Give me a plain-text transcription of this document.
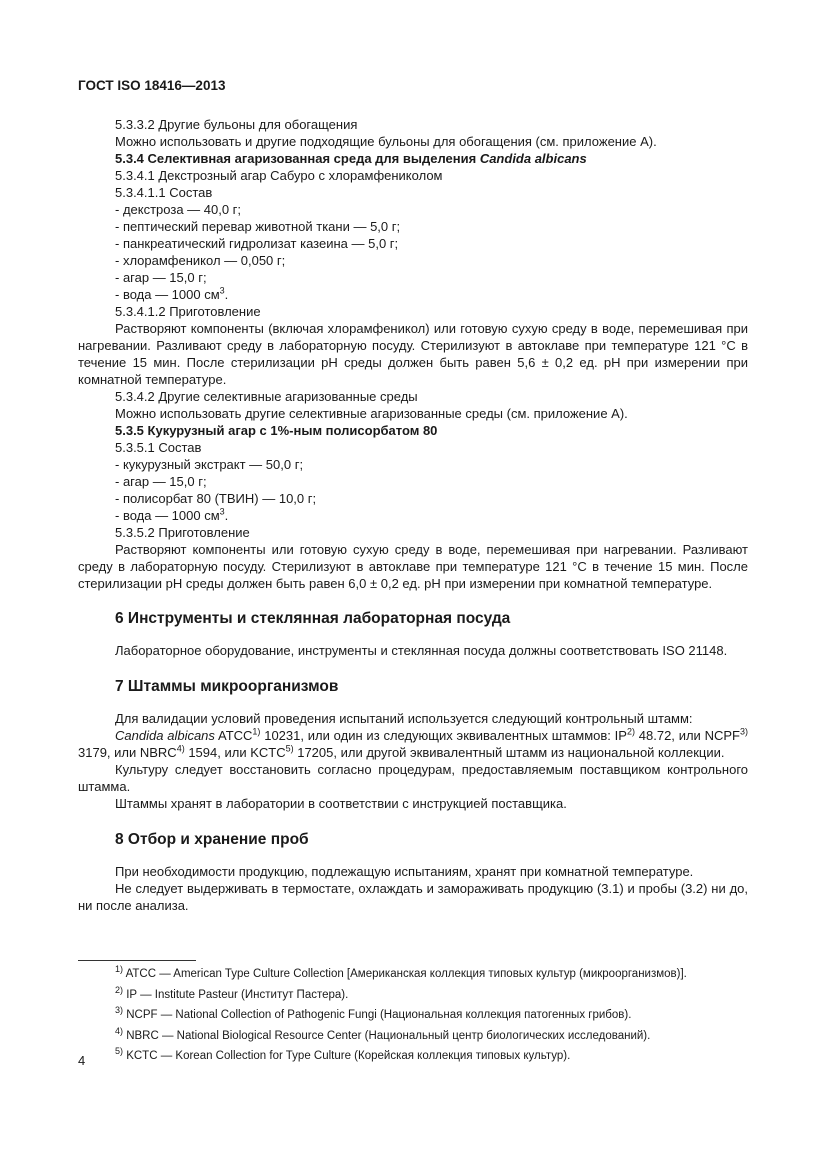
ГОСТ ISO 18416—2013

5.3.3.2 Другие бульоны для обогащения

Можно использовать и другие подходящие бульоны для обогащения (см. приложение А).

5.3.4 Селективная агаризованная среда для выделения Candida albicans

5.3.4.1 Декстрозный агар Сабуро с хлорамфениколом

5.3.4.1.1 Состав

- декстроза — 40,0 г;

- пептический перевар животной ткани — 5,0 г;

- панкреатический гидролизат казеина — 5,0 г;

- хлорамфеникол — 0,050 г;

- агар — 15,0 г;

- вода — 1000 $см^3$.

5.3.4.1.2 Приготовление

Растворяют компоненты (включая хлорамфеникол) или готовую сухую среду в воде, перемешивая при нагревании. Разливают среду в лабораторную посуду. Стерилизуют в автоклаве при температуре 121 °С в течение 15 мин. После стерилизации pH среды должен быть равен 5,6 ± 0,2 ед. pH при измерении при комнатной температуре.

5.3.4.2 Другие селективные агаризованные среды

Можно использовать другие селективные агаризованные среды (см. приложение А).

5.3.5 Кукурузный агар с 1%-ным полисорбатом 80

5.3.5.1 Состав

- кукурузный экстракт — 50,0 г;

- агар — 15,0 г;

- полисорбат 80 (ТВИН) — 10,0 г;

- вода — 1000 $см^3$.

5.3.5.2 Приготовление

Растворяют компоненты или готовую сухую среду в воде, перемешивая при нагревании. Разливают среду в лабораторную посуду. Стерилизуют в автоклаве при температуре 121 °С в течение 15 мин. После стерилизации pH среды должен быть равен 6,0 ± 0,2 ед. pH при измерении при комнатной температуре.

6 Инструменты и стеклянная лабораторная посуда

Лабораторное оборудование, инструменты и стеклянная посуда должны соответствовать ISO 21148.

7 Штаммы микроорганизмов

Для валидации условий проведения испытаний используется следующий контрольный штамм:

Candida albicans ATCC$^{1)}$ 10231, или один из следующих эквивалентных штаммов: IP$^{2)}$ 48.72, или NCPF$^{3)}$ 3179, или NBRC$^{4)}$ 1594, или KCTC$^{5)}$ 17205, или другой эквивалентный штамм из национальной коллекции.

Культуру следует восстановить согласно процедурам, предоставляемым поставщиком контрольного штамма.

Штаммы хранят в лаборатории в соответствии с инструкцией поставщика.

8 Отбор и хранение проб

При необходимости продукцию, подлежащую испытаниям, хранят при комнатной температуре.

Не следует выдерживать в термостате, охлаждать и замораживать продукцию (3.1) и пробы (3.2) ни до, ни после анализа.

$^{1)}$ ATCC — American Type Culture Collection [Американская коллекция типовых культур (микроорганизмов)].
$^{2)}$ IP — Institute Pasteur (Институт Пастера).
$^{3)}$ NCPF — National Collection of Pathogenic Fungi (Национальная коллекция патогенных грибов).
$^{4)}$ NBRC — National Biological Resource Center (Национальный центр биологических исследований).
$^{5)}$ KCTC — Korean Collection for Type Culture (Корейская коллекция типовых культур).
4
